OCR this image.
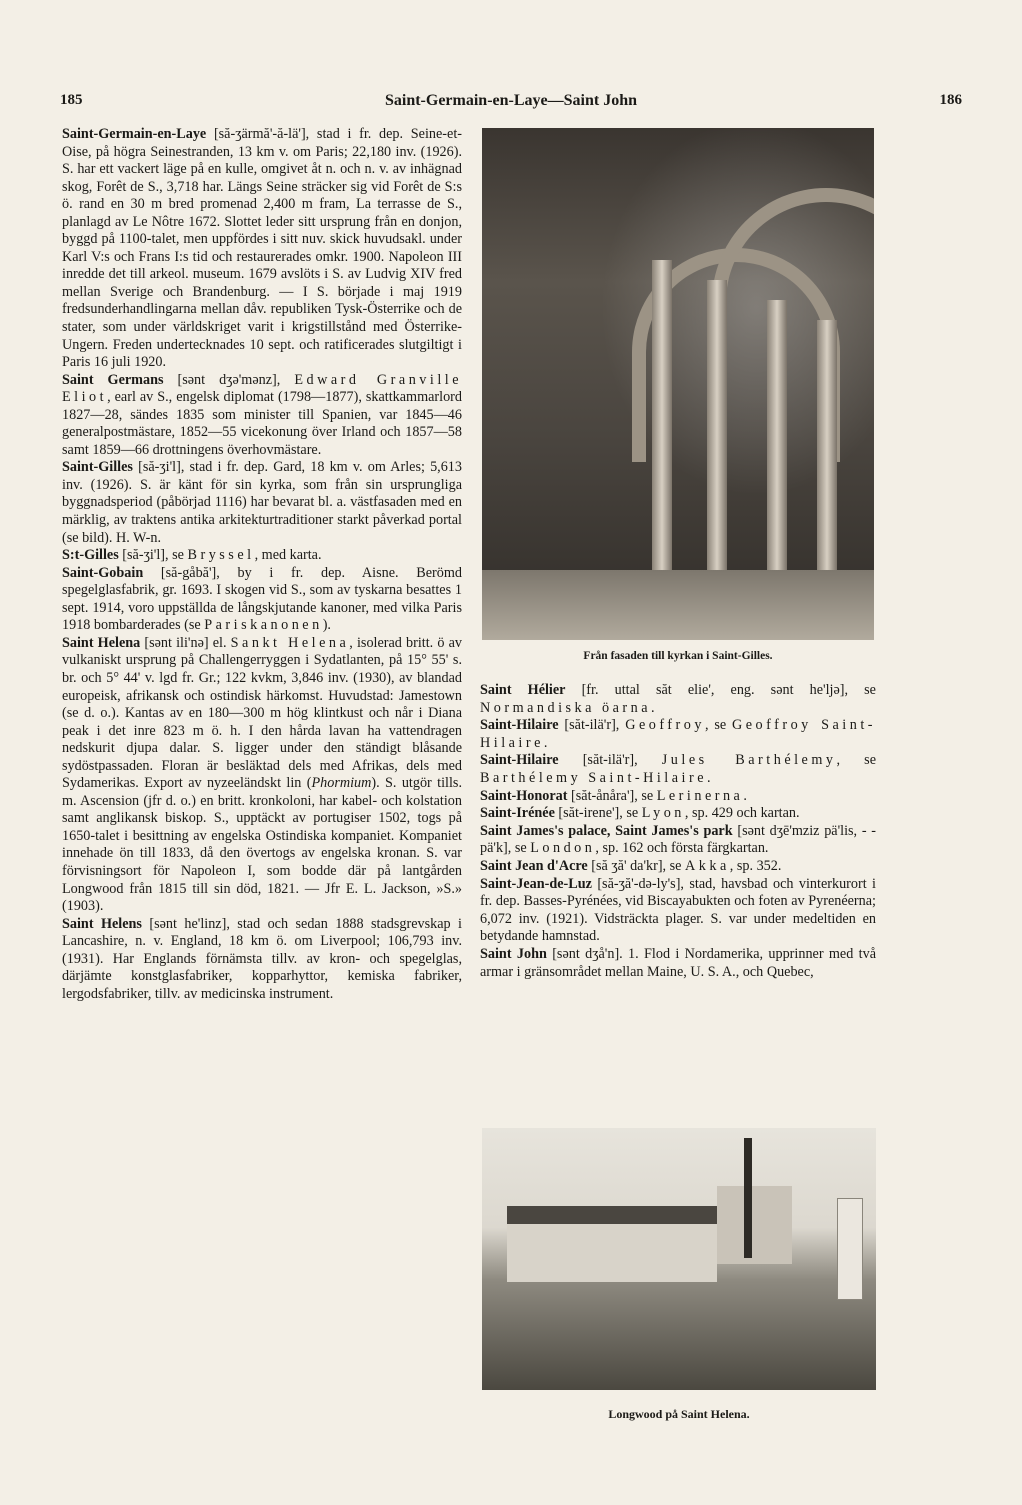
185	Saint-Germain-en-Laye—Saint John	186

Saint-Germain-en-Laye [să-ʒärmă'-ă-lä'], stad i fr. dep. Seine-et-Oise, på högra Seinestranden, 13 km v. om Paris; 22,180 inv. (1926). S. har ett vackert läge på en kulle, omgivet åt n. och n. v. av inhägnad skog, Forêt de S., 3,718 har. Längs Seine sträcker sig vid Forêt de S:s ö. rand en 30 m bred promenad 2,400 m fram, La terrasse de S., planlagd av Le Nôtre 1672. Slottet leder sitt ursprung från en donjon, byggd på 1100-talet, men uppfördes i sitt nuv. skick huvudsakl. under Karl V:s och Frans I:s tid och restaurerades omkr. 1900. Napoleon III inredde det till arkeol. museum. 1679 avslöts i S. av Ludvig XIV fred mellan Sverige och Brandenburg. — I S. började i maj 1919 fredsunderhandlingarna mellan dåv. republiken Tysk-Österrike och de stater, som under världskriget varit i krigstillstånd med Österrike-Ungern. Freden undertecknades 10 sept. och ratificerades slutgiltigt i Paris 16 juli 1920.

Saint Germans [sənt dʒə'mənz], Edward Granville Eliot, earl av S., engelsk diplomat (1798—1877), skattkammarlord 1827—28, sändes 1835 som minister till Spanien, var 1845—46 generalpostmästare, 1852—55 vicekonung över Irland och 1857—58 samt 1859—66 drottningens överhovmästare.

Saint-Gilles [să-ʒi'l], stad i fr. dep. Gard, 18 km v. om Arles; 5,613 inv. (1926). S. är känt för sin kyrka, som från sin ursprungliga byggnadsperiod (påbörjad 1116) har bevarat bl. a. västfasaden med en märklig, av traktens antika arkitekturtraditioner starkt påverkad portal (se bild). H. W-n.

S:t-Gilles [să-ʒi'l], se Bryssel, med karta.

Saint-Gobain [să-gåbă'], by i fr. dep. Aisne. Berömd spegelglasfabrik, gr. 1693. I skogen vid S., som av tyskarna besattes 1 sept. 1914, voro uppställda de långskjutande kanoner, med vilka Paris 1918 bombarderades (se Pariskanonen).

Saint Helena [sənt ili'nə] el. Sankt Helena, isolerad britt. ö av vulkaniskt ursprung på Challengerryggen i Sydatlanten, på 15° 55' s. br. och 5° 44' v. lgd fr. Gr.; 122 kvkm, 3,846 inv. (1930), av blandad europeisk, afrikansk och ostindisk härkomst. Huvudstad: Jamestown (se d. o.). Kantas av en 180—300 m hög klintkust och når i Diana peak i det inre 823 m ö. h. I den hårda lavan ha vattendragen nedskurit djupa dalar. S. ligger under den ständigt blåsande sydöstpassaden. Floran är besläktad dels med Afrikas, dels med Sydamerikas. Export av nyzeeländskt lin (Phormium). S. utgör tills. m. Ascension (jfr d. o.) en britt. kronkoloni, har kabel- och kolstation samt anglikansk biskop. S., upptäckt av portugiser 1502, togs på 1650-talet i besittning av engelska Ostindiska kompaniet. Kompaniet innehade ön till 1833, då den övertogs av engelska kronan. S. var förvisningsort för Napoleon I, som bodde där på lantgården Longwood från 1815 till sin död, 1821. — Jfr E. L. Jackson, »S.» (1903).

Saint Helens [sənt he'linz], stad och sedan 1888 stadsgrevskap i Lancashire, n. v. England, 18 km ö. om Liverpool; 106,793 inv. (1931). Har Englands förnämsta tillv. av kron- och spegelglas, därjämte konstglasfabriker, kopparhyttor, kemiska fabriker, lergodsfabriker, tillv. av medicinska instrument.

Från fasaden till kyrkan i Saint-Gilles.

Saint Hélier [fr. uttal săt elie', eng. sənt he'ljə], se Normandiska öarna.

Saint-Hilaire [săt-ilä'r], Geoffroy, se Geoffroy Saint-Hilaire.

Saint-Hilaire [săt-ilä'r], Jules Barthélemy, se Barthélemy Saint-Hilaire.

Saint-Honorat [săt-ånåra'], se Lerinerna.

Saint-Irénée [săt-irene'], se Lyon, sp. 429 och kartan.

Saint James's palace, Saint James's park [sənt dʒē'mziz pä'lis, - -pä'k], se London, sp. 162 och första färgkartan.

Saint Jean d'Acre [să ʒă' da'kr], se Akka, sp. 352.

Saint-Jean-de-Luz [să-ʒă'-də-ly's], stad, havsbad och vinterkurort i fr. dep. Basses-Pyrénées, vid Biscayabukten och foten av Pyrenéerna; 6,072 inv. (1921). Vidsträckta plager. S. var under medeltiden en betydande hamnstad.

Saint John [sənt dʒå'n]. 1. Flod i Nordamerika, upprinner med två armar i gränsområdet mellan Maine, U. S. A., och Quebec,

Longwood på Saint Helena.
